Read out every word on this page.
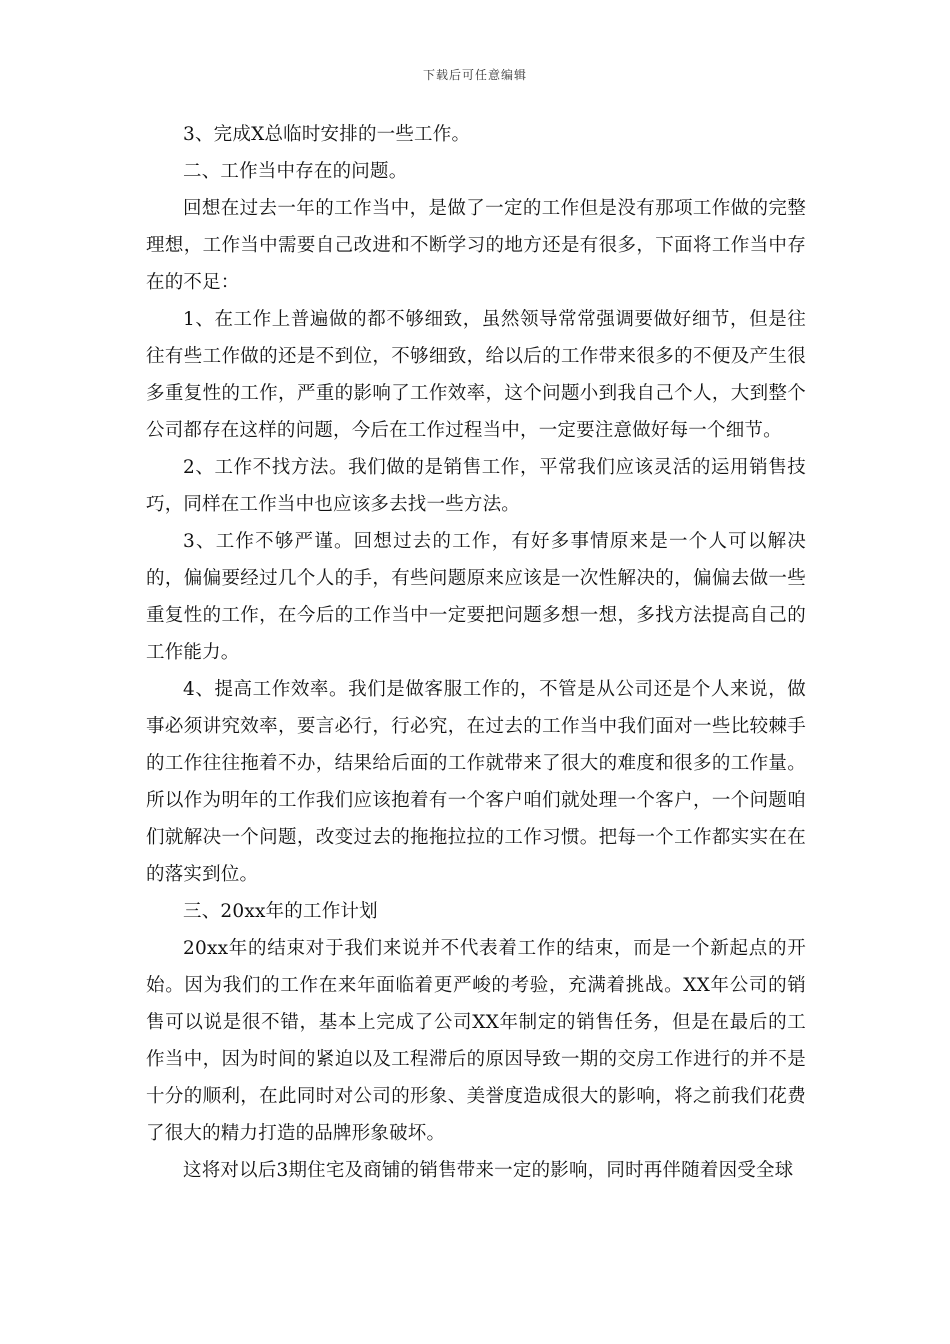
下载后可任意编辑

3、完成X总临时安排的一些工作。

二、工作当中存在的问题。

回想在过去一年的工作当中，是做了一定的工作但是没有那项工作做的完整理想，工作当中需要自己改进和不断学习的地方还是有很多，下面将工作当中存在的不足：

1、在工作上普遍做的都不够细致，虽然领导常常强调要做好细节，但是往往有些工作做的还是不到位，不够细致，给以后的工作带来很多的不便及产生很多重复性的工作，严重的影响了工作效率，这个问题小到我自己个人，大到整个公司都存在这样的问题，今后在工作过程当中，一定要注意做好每一个细节。

2、工作不找方法。我们做的是销售工作，平常我们应该灵活的运用销售技巧，同样在工作当中也应该多去找一些方法。

3、工作不够严谨。回想过去的工作，有好多事情原来是一个人可以解决的，偏偏要经过几个人的手，有些问题原来应该是一次性解决的，偏偏去做一些重复性的工作，在今后的工作当中一定要把问题多想一想，多找方法提高自己的工作能力。

4、提高工作效率。我们是做客服工作的，不管是从公司还是个人来说，做事必须讲究效率，要言必行，行必究，在过去的工作当中我们面对一些比较棘手的工作往往拖着不办，结果给后面的工作就带来了很大的难度和很多的工作量。所以作为明年的工作我们应该抱着有一个客户咱们就处理一个客户，一个问题咱们就解决一个问题，改变过去的拖拖拉拉的工作习惯。把每一个工作都实实在在的落实到位。

三、20xx年的工作计划

20xx年的结束对于我们来说并不代表着工作的结束，而是一个新起点的开始。因为我们的工作在来年面临着更严峻的考验，充满着挑战。XX年公司的销售可以说是很不错，基本上完成了公司XX年制定的销售任务，但是在最后的工作当中，因为时间的紧迫以及工程滞后的原因导致一期的交房工作进行的并不是十分的顺利，在此同时对公司的形象、美誉度造成很大的影响，将之前我们花费了很大的精力打造的品牌形象破坏。

这将对以后3期住宅及商铺的销售带来一定的影响，同时再伴随着因受全球
